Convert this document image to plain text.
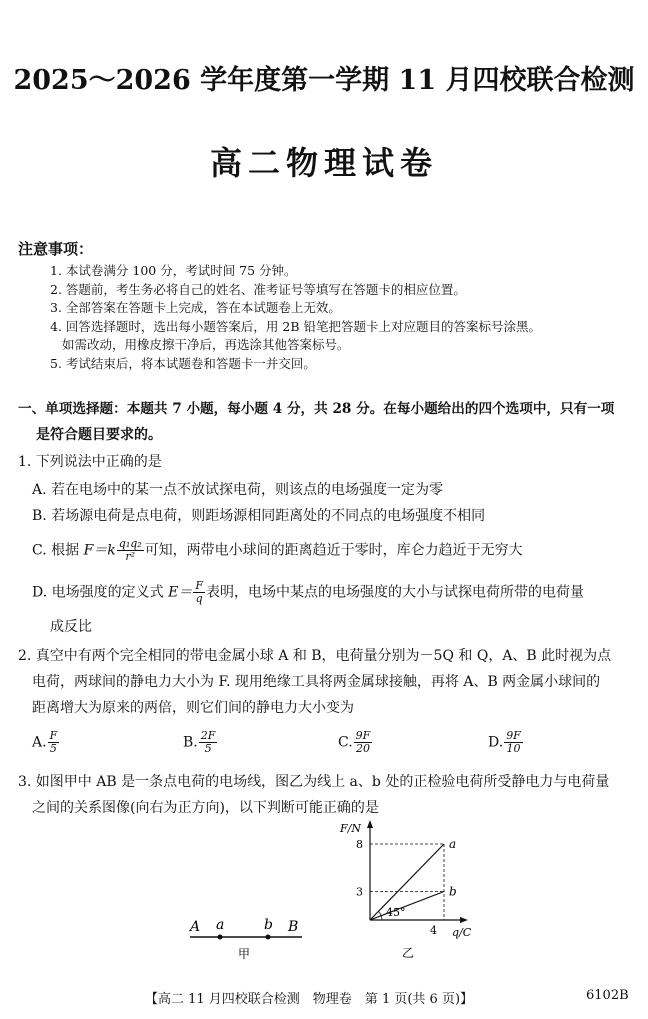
2025～2026 学年度第一学期 11 月四校联合检测
高二物理试卷
注意事项：
1. 本试卷满分 100 分，考试时间 75 分钟。
2. 答题前，考生务必将自己的姓名、准考证号等填写在答题卡的相应位置。
3. 全部答案在答题卡上完成，答在本试题卷上无效。
4. 回答选择题时，选出每小题答案后，用 2B 铅笔把答题卡上对应题目的答案标号涂黑。
如需改动，用橡皮擦干净后，再选涂其他答案标号。
5. 考试结束后，将本试题卷和答题卡一并交回。
一、单项选择题：本题共 7 小题，每小题 4 分，共 28 分。在每小题给出的四个选项中，只有一项
是符合题目要求的。
1. 下列说法中正确的是
A. 若在电场中的某一点不放试探电荷，则该点的电场强度一定为零
B. 若场源电荷是点电荷，则距场源相同距离处的不同点的电场强度不相同
C. 根据 $F=k \frac{\text{q₁q₂}}{\text{r²}}$ 可知，两带电小球间的距离趋近于零时，库仑力趋近于无穷大
D. 电场强度的定义式 $E= \frac{F}{q}$ 表明，电场中某点的电场强度的大小与试探电荷所带的电荷量
成反比
2. 真空中有两个完全相同的带电金属小球 A 和 B，电荷量分别为－5Q 和 Q，A、B 此时视为点
电荷，两球间的静电力大小为 F. 现用绝缘工具将两金属球接触，再将 A、B 两金属小球间的
距离增大为原来的两倍，则它们间的静电力大小变为
A. $\frac{F}{5}$	B. $\frac{2F}{5}$	C. $\frac{9F}{20}$	D. $\frac{9F}{10}$
3. 如图甲中 AB 是一条点电荷的电场线，图乙为线上 a、b 处的正检验电荷所受静电力与电荷量
之间的关系图像(向右为正方向)，以下判断可能正确的是
A a	b B
甲
F/N
q/C
8
3
4
45°
a
b
乙
【高二 11 月四校联合检测　物理卷　第 1 页(共 6 页)】	6102B
